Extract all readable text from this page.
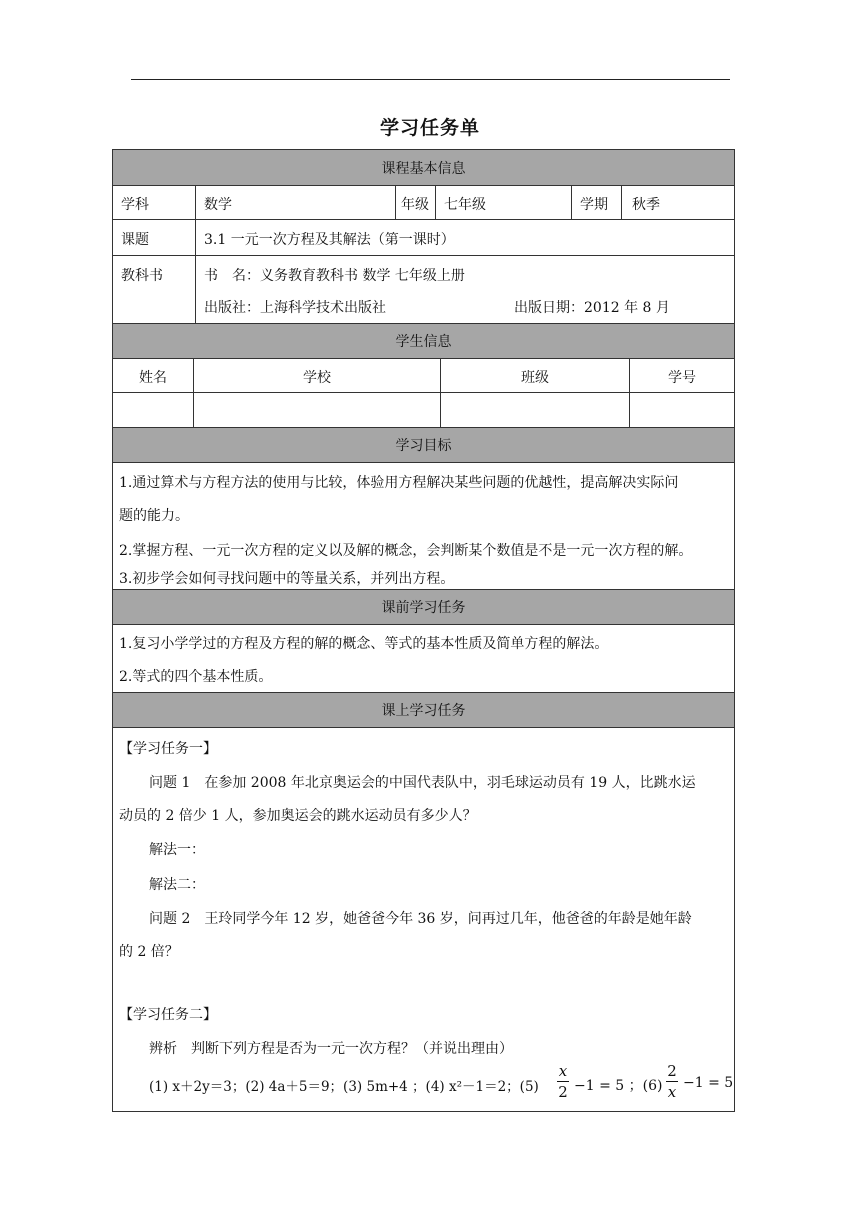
学习任务单
课程基本信息
学科	数学	年级 七年级	学期 秋季
课题	3.1 一元一次方程及其解法（第一课时）
教科书	书　名：义务教育教科书 数学 七年级上册
出版社：上海科学技术出版社	出版日期：2012 年 8 月
学生信息
姓名	学校	班级	学号
学习目标
1.通过算术与方程方法的使用与比较，体验用方程解决某些问题的优越性，提高解决实际问
题的能力。
2.掌握方程、一元一次方程的定义以及解的概念，会判断某个数值是不是一元一次方程的解。
3.初步学会如何寻找问题中的等量关系，并列出方程。
课前学习任务
1.复习小学学过的方程及方程的解的概念、等式的基本性质及简单方程的解法。
2.等式的四个基本性质。
课上学习任务
【学习任务一】
问题 1　在参加 2008 年北京奥运会的中国代表队中，羽毛球运动员有 19 人，比跳水运
动员的 2 倍少 1 人，参加奥运会的跳水运动员有多少人？
解法一：
解法二：
问题 2　王玲同学今年 12 岁，她爸爸今年 36 岁，问再过几年，他爸爸的年龄是她年龄
的 2 倍？
【学习任务二】
辨析　判断下列方程是否为一元一次方程？（并说出理由）
(1) x＋2y＝3；(2) 4a＋5＝9；(3) 5m+4 ；(4) x²－1＝2；(5)
x
2 −1 = 5 ；(6)
2
x −1 = 5
